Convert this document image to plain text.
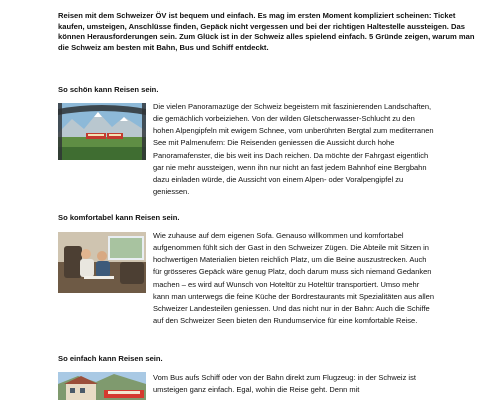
Reisen mit dem Schweizer ÖV ist bequem und einfach. Es mag im ersten Moment kompliziert scheinen: Ticket kaufen, umsteigen, Anschlüsse finden, Gepäck nicht vergessen und bei der richtigen Haltestelle aussteigen. Das können Herausforderungen sein. Zum Glück ist in der Schweiz alles spielend einfach. 5 Gründe zeigen, warum man die Schweiz am besten mit Bahn, Bus und Schiff entdeckt.

So schön kann Reisen sein.

Die vielen Panoramazüge der Schweiz begeistern mit faszinierenden Landschaften, die gemächlich vorbeiziehen. Von der wilden Gletscherwasser-Schlucht zu den hohen Alpengipfeln mit ewigem Schnee, vom unberührten Bergtal zum mediterranen See mit Palmenufern: Die Reisenden geniessen die Aussicht durch hohe Panoramafenster, die bis weit ins Dach reichen. Da möchte der Fahrgast eigentlich gar nie mehr aussteigen, wenn ihn nur nicht an fast jedem Bahnhof eine Bergbahn dazu einladen würde, die Aussicht von einem Alpen- oder Voralpengipfel zu geniessen.

So komfortabel kann Reisen sein.

Wie zuhause auf dem eigenen Sofa. Genauso willkommen und komfortabel aufgenommen fühlt sich der Gast in den Schweizer Zügen. Die Abteile mit Sitzen in hochwertigen Materialien bieten reichlich Platz, um die Beine auszustrecken. Auch für grösseres Gepäck wäre genug Platz, doch darum muss sich niemand Gedanken machen – es wird auf Wunsch von Hoteltür zu Hoteltür transportiert. Umso mehr kann man unterwegs die feine Küche der Bordrestaurants mit Spezialitäten aus allen Schweizer Landesteilen geniessen. Und das nicht nur in der Bahn: Auch die Schiffe auf den Schweizer Seen bieten den Rundumservice für eine komfortable Reise.

So einfach kann Reisen sein.

Vom Bus aufs Schiff oder von der Bahn direkt zum Flugzeug: in der Schweiz ist umsteigen ganz einfach. Egal, wohin die Reise geht. Denn mit
